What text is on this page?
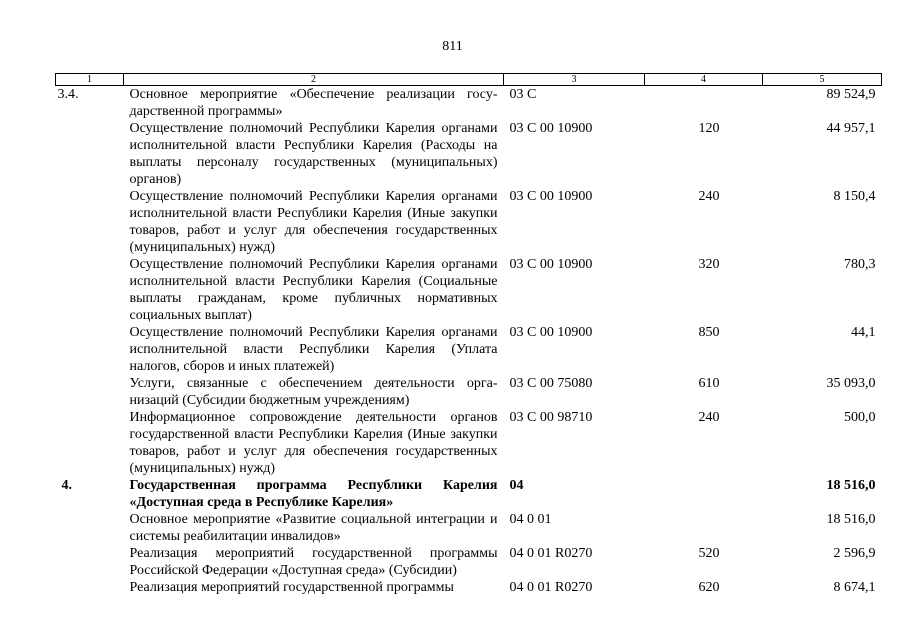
811
1	2	3	4	5
3.4.	Основное мероприятие «Обеспечение реализации государственной программы»	03 С		89 524,9
	Осуществление полномочий Республики Карелия органами исполнительной власти Республики Карелия (Расходы на выплаты персоналу государственных (муниципальных) органов)	03 С 00 10900	120	44 957,1
	Осуществление полномочий Республики Карелия органами исполнительной власти Республики Карелия (Иные закупки товаров, работ и услуг для обеспечения государственных (муниципальных) нужд)	03 С 00 10900	240	8 150,4
	Осуществление полномочий Республики Карелия органами исполнительной власти Республики Карелия (Социальные выплаты гражданам, кроме публичных нормативных социальных выплат)	03 С 00 10900	320	780,3
	Осуществление полномочий Республики Карелия органами исполнительной власти Республики Карелия (Уплата налогов, сборов и иных платежей)	03 С 00 10900	850	44,1
	Услуги, связанные с обеспечением деятельности организаций (Субсидии бюджетным учреждениям)	03 С 00 75080	610	35 093,0
	Информационное сопровождение деятельности органов государственной власти Республики Карелия (Иные закупки товаров, работ и услуг для обеспечения государственных (муниципальных) нужд)	03 С 00 98710	240	500,0
4.	Государственная программа Республики Карелия «Доступная среда в Республике Карелия»	04		18 516,0
	Основное мероприятие «Развитие социальной интеграции и системы реабилитации инвалидов»	04 0 01		18 516,0
	Реализация мероприятий государственной программы Российской Федерации «Доступная среда» (Субсидии)	04 0 01 R0270	520	2 596,9
	Реализация мероприятий государственной программы	04 0 01 R0270	620	8 674,1
